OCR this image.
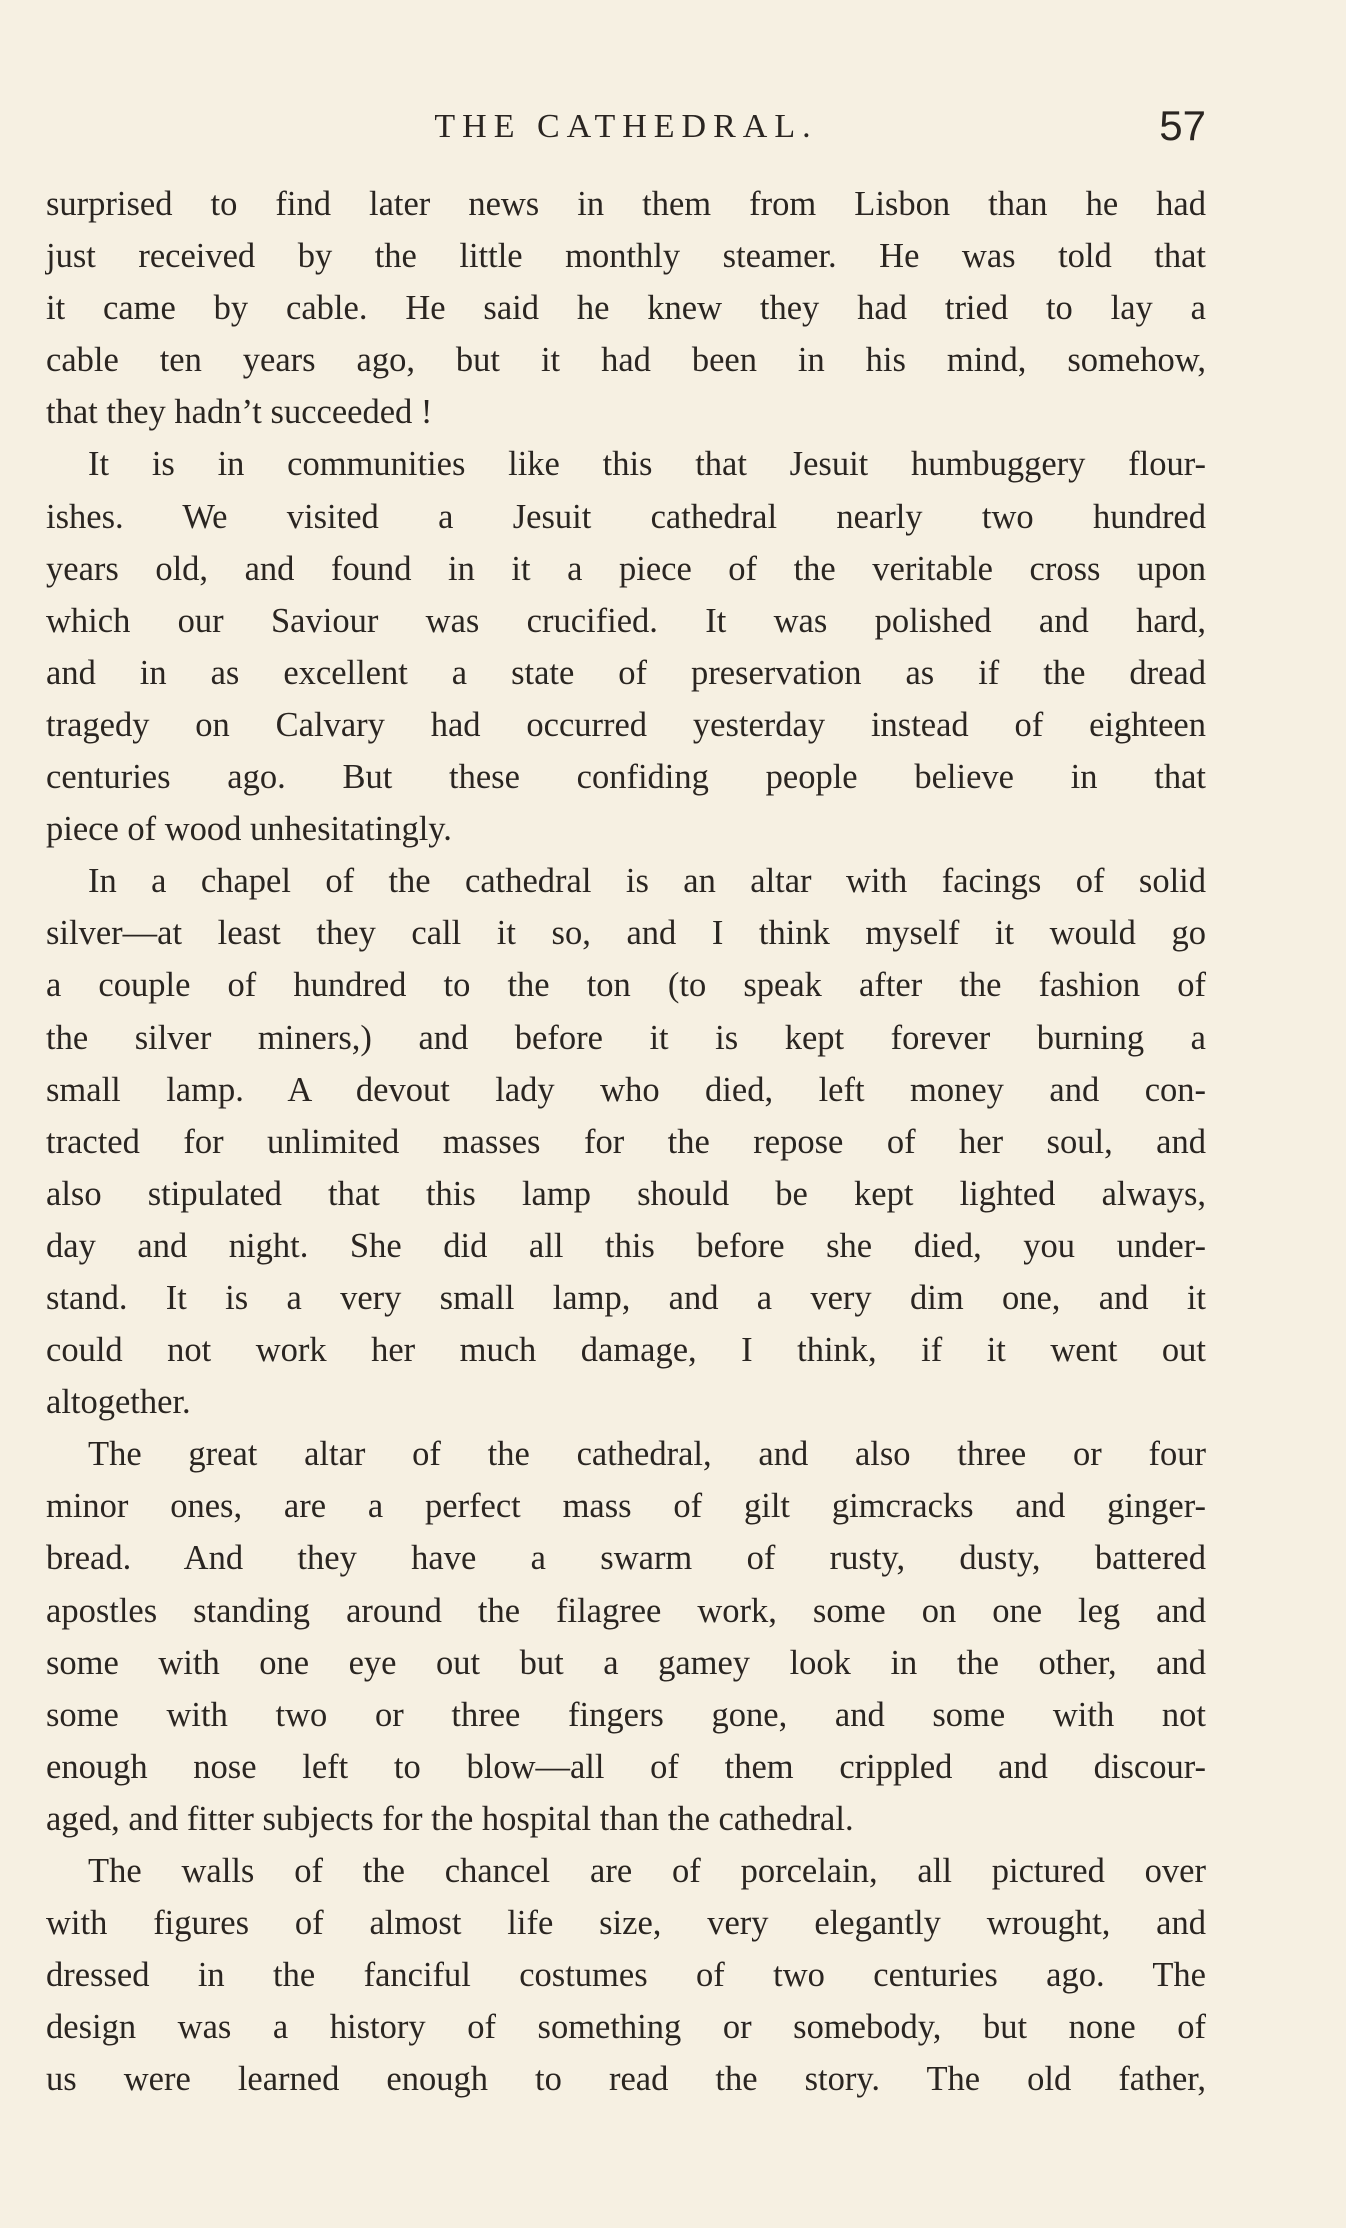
THE CATHEDRAL.	57
surprised to find later news in them from Lisbon than he had
just received by the little monthly steamer. He was told that
it came by cable. He said he knew they had tried to lay a
cable ten years ago, but it had been in his mind, somehow,
that they hadn’t succeeded !
It is in communities like this that Jesuit humbuggery flour-
ishes. We visited a Jesuit cathedral nearly two hundred
years old, and found in it a piece of the veritable cross upon
which our Saviour was crucified. It was polished and hard,
and in as excellent a state of preservation as if the dread
tragedy on Calvary had occurred yesterday instead of eighteen
centuries ago. But these confiding people believe in that
piece of wood unhesitatingly.
In a chapel of the cathedral is an altar with facings of solid
silver—at least they call it so, and I think myself it would go
a couple of hundred to the ton (to speak after the fashion of
the silver miners,) and before it is kept forever burning a
small lamp. A devout lady who died, left money and con-
tracted for unlimited masses for the repose of her soul, and
also stipulated that this lamp should be kept lighted always,
day and night. She did all this before she died, you under-
stand. It is a very small lamp, and a very dim one, and it
could not work her much damage, I think, if it went out
altogether.
The great altar of the cathedral, and also three or four
minor ones, are a perfect mass of gilt gimcracks and ginger-
bread. And they have a swarm of rusty, dusty, battered
apostles standing around the filagree work, some on one leg and
some with one eye out but a gamey look in the other, and
some with two or three fingers gone, and some with not
enough nose left to blow—all of them crippled and discour-
aged, and fitter subjects for the hospital than the cathedral.
The walls of the chancel are of porcelain, all pictured over
with figures of almost life size, very elegantly wrought, and
dressed in the fanciful costumes of two centuries ago. The
design was a history of something or somebody, but none of
us were learned enough to read the story. The old father,
